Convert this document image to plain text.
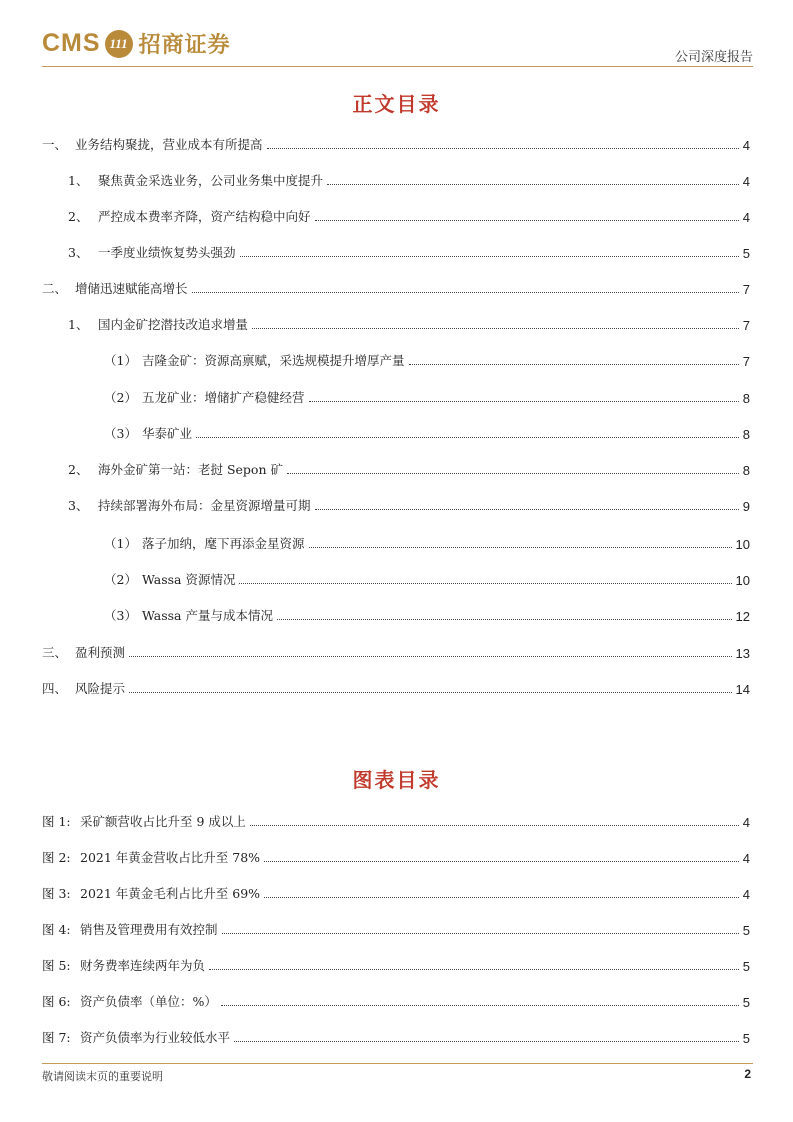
CMS 111 招商证券	公司深度报告
正文目录
一、 业务结构聚拢，营业成本有所提高	4
1、 聚焦黄金采选业务，公司业务集中度提升	4
2、 严控成本费率齐降，资产结构稳中向好	4
3、 一季度业绩恢复势头强劲	5
二、 增储迅速赋能高增长	7
1、 国内金矿挖潜技改追求增量	7
（1） 吉隆金矿：资源高禀赋，采选规模提升增厚产量	7
（2） 五龙矿业：增储扩产稳健经营	8
（3） 华泰矿业	8
2、 海外金矿第一站：老挝 Sepon 矿	8
3、 持续部署海外布局：金星资源增量可期	9
（1） 落子加纳，麾下再添金星资源	10
（2） Wassa 资源情况	10
（3） Wassa 产量与成本情况	12
三、 盈利预测	13
四、 风险提示	14
图表目录
图 1: 采矿额营收占比升至 9 成以上	4
图 2: 2021 年黄金营收占比升至 78%	4
图 3: 2021 年黄金毛利占比升至 69%	4
图 4: 销售及管理费用有效控制	5
图 5: 财务费率连续两年为负	5
图 6: 资产负债率（单位：%）	5
图 7: 资产负债率为行业较低水平	5
敬请阅读末页的重要说明	2
